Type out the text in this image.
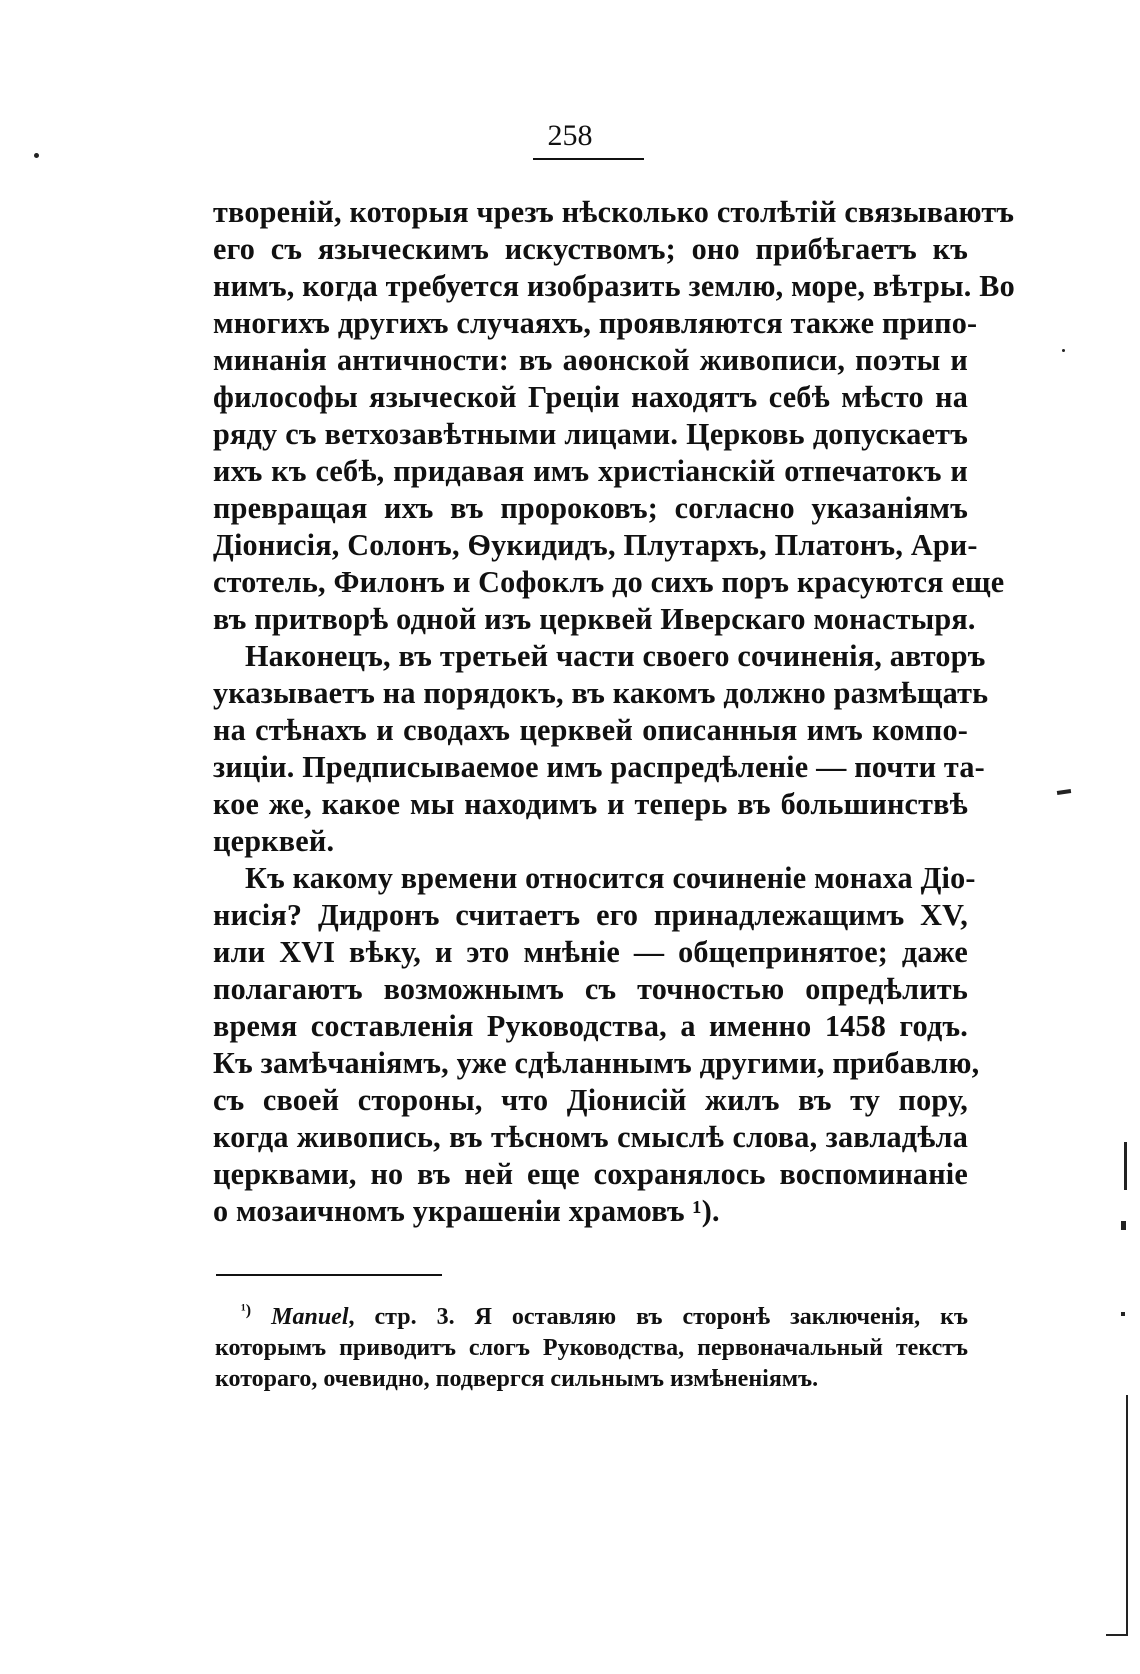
258
твореній, которыя чрезъ нѣсколько столѣтій связываютъ
его съ языческимъ искуствомъ; оно прибѣгаетъ къ
нимъ, когда требуется изобразить землю, море, вѣтры. Во
многихъ другихъ случаяхъ, проявляются также припо-
минанія античности: въ аѳонской живописи, поэты и
философы языческой Греціи находятъ себѣ мѣсто на
ряду съ ветхозавѣтными лицами. Церковь допускаетъ
ихъ къ себѣ, придавая имъ христіанскій отпечатокъ и
превращая ихъ въ пророковъ; согласно указаніямъ
Діонисія, Солонъ, Ѳукидидъ, Плутархъ, Платонъ, Ари-
стотель, Филонъ и Софоклъ до сихъ поръ красуются еще
въ притворѣ одной изъ церквей Иверскаго монастыря.
Наконецъ, въ третьей части своего сочиненія, авторъ
указываетъ на порядокъ, въ какомъ должно размѣщать
на стѣнахъ и сводахъ церквей описанныя имъ компо-
зиціи. Предписываемое имъ распредѣленіе — почти та-
кое же, какое мы находимъ и теперь въ большинствѣ
церквей.
Къ какому времени относится сочиненіе монаха Діо-
нисія? Дидронъ считаетъ его принадлежащимъ XV,
или XVI вѣку, и это мнѣніе — общепринятое; даже
полагаютъ возможнымъ съ точностью опредѣлить
время составленія Руководства, а именно 1458 годъ.
Къ замѣчаніямъ, уже сдѣланнымъ другими, прибавлю,
съ своей стороны, что Діонисій жилъ въ ту пору,
когда живопись, въ тѣсномъ смыслѣ слова, завладѣла
церквами, но въ ней еще сохранялось воспоминаніе
о мозаичномъ украшеніи храмовъ ¹).
$^{^1)}$ Manuel, стр. 3. Я оставляю въ сторонѣ заключенія, къ
которымъ приводитъ слогъ Руководства, первоначальный текстъ
котораго, очевидно, подвергся сильнымъ измѣненіямъ.
